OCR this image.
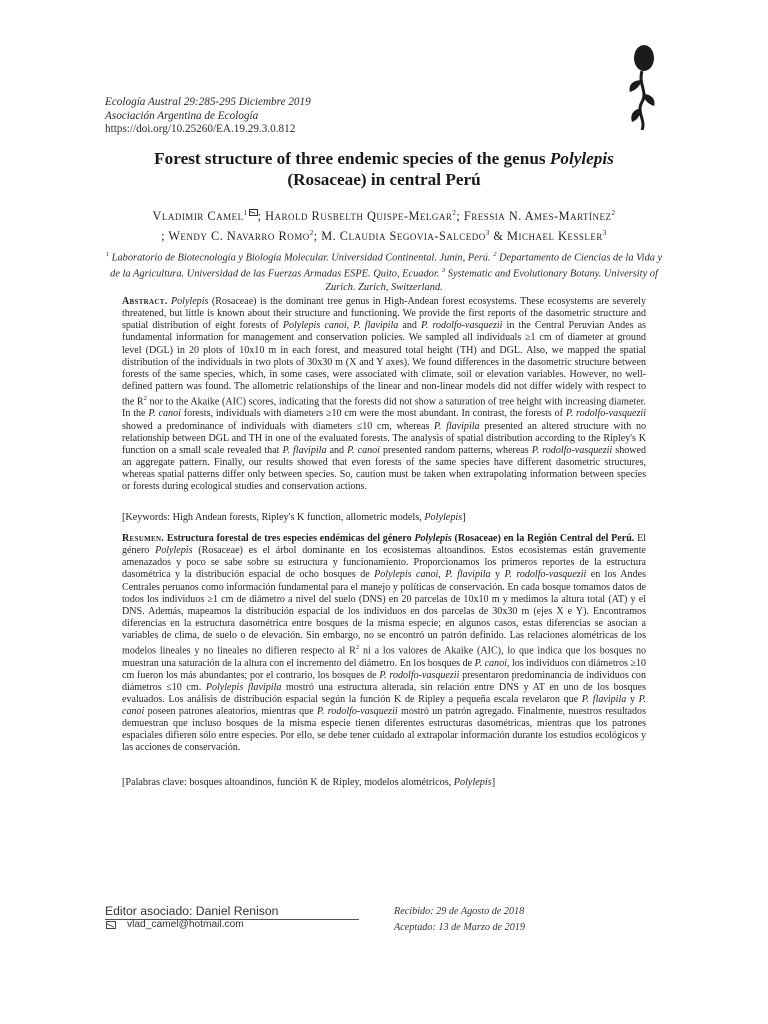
Ecología Austral 29:285-295 Diciembre 2019
Asociación Argentina de Ecología
https://doi.org/10.25260/EA.19.29.3.0.812
Forest structure of three endemic species of the genus Polylepis
(Rosaceae) in central Perú
Vladimir Camel$^1$ ; Harold Rusbelth Quispe-Melgar$^2$; Fressia N. Ames-Martínez$^2$
; Wendy C. Navarro Romo$^2$; M. Claudia Segovia-Salcedo$^3$ & Michael Kessler$^3$
$^1$ Laboratorio de Biotecnología y Biología Molecular. Universidad Continental. Junín, Perú. $^2$ Departamento de Ciencias de la Vida y de la Agricultura. Universidad de las Fuerzas Armadas ESPE. Quito, Ecuador. $^3$ Systematic and Evolutionary Botany. University of Zurich. Zurich, Switzerland.
Abstract. Polylepis (Rosaceae) is the dominant tree genus in High-Andean forest ecosystems. These ecosystems are severely threatened, but little is known about their structure and functioning. We provide the first reports of the dasometric structure and spatial distribution of eight forests of Polylepis canoi, P. flavipila and P. rodolfo-vasquezii in the Central Peruvian Andes as fundamental information for management and conservation policies. We sampled all individuals ≥1 cm of diameter at ground level (DGL) in 20 plots of 10x10 m in each forest, and measured total height (TH) and DGL. Also, we mapped the spatial distribution of the individuals in two plots of 30x30 m (X and Y axes). We found differences in the dasometric structure between forests of the same species, which, in some cases, were associated with climate, soil or elevation variables. However, no well-defined pattern was found. The allometric relationships of the linear and non-linear models did not differ widely with respect to the $R^2$ nor to the Akaike (AIC) scores, indicating that the forests did not show a saturation of tree height with increasing diameter. In the P. canoi forests, individuals with diameters ≥10 cm were the most abundant. In contrast, the forests of P. rodolfo-vasquezii showed a predominance of individuals with diameters ≤10 cm, whereas P. flavipila presented an altered structure with no relationship between DGL and TH in one of the evaluated forests. The analysis of spatial distribution according to the Ripley's K function on a small scale revealed that P. flavipila and P. canoi presented random patterns, whereas P. rodolfo-vasquezii showed an aggregate pattern. Finally, our results showed that even forests of the same species have different dasometric structures, whereas spatial patterns differ only between species. So, caution must be taken when extrapolating information between species or forests during ecological studies and conservation actions.
[Keywords: High Andean forests, Ripley's K function, allometric models, Polylepis]
Resumen. Estructura forestal de tres especies endémicas del género Polylepis (Rosaceae) en la Región Central del Perú. El género Polylepis (Rosaceae) es el árbol dominante en los ecosistemas altoandinos. Estos ecosistemas están gravemente amenazados y poco se sabe sobre su estructura y funcionamiento. Proporcionamos los primeros reportes de la estructura dasométrica y la distribución espacial de ocho bosques de Polylepis canoi, P. flavipila y P. rodolfo-vasquezii en los Andes Centrales peruanos como información fundamental para el manejo y políticas de conservación. En cada bosque tomamos datos de todos los individuos ≥1 cm de diámetro a nivel del suelo (DNS) en 20 parcelas de 10x10 m y medimos la altura total (AT) y el DNS. Además, mapeamos la distribución espacial de los individuos en dos parcelas de 30x30 m (ejes X e Y). Encontramos diferencias en la estructura dasométrica entre bosques de la misma especie; en algunos casos, estas diferencias se asocian a variables de clima, de suelo o de elevación. Sin embargo, no se encontró un patrón definido. Las relaciones alométricas de los modelos lineales y no lineales no difieren respecto al $R^2$ ni a los valores de Akaike (AIC), lo que indica que los bosques no muestran una saturación de la altura con el incremento del diámetro. En los bosques de P. canoi, los individuos con diámetros ≥10 cm fueron los más abundantes; por el contrario, los bosques de P. rodolfo-vasquezii presentaron predominancia de individuos con diámetros ≤10 cm. Polylepis flavipila mostró una estructura alterada, sin relación entre DNS y AT en uno de los bosques evaluados. Los análisis de distribución espacial según la función K de Ripley a pequeña escala revelaron que P. flavipila y P. canoi poseen patrones aleatorios, mientras que P. rodolfo-vasquezii mostró un patrón agregado. Finalmente, nuestros resultados demuestran que incluso bosques de la misma especie tienen diferentes estructuras dasométricas, mientras que los patrones espaciales difieren sólo entre especies. Por ello, se debe tener cuidado al extrapolar información durante los estudios ecológicos y las acciones de conservación.
[Palabras clave: bosques altoandinos, función K de Ripley, modelos alométricos, Polylepis]
Editor asociado: Daniel Renison
vlad_camel@hotmail.com
Recibido: 29 de Agosto de 2018
Aceptado: 13 de Marzo de 2019
